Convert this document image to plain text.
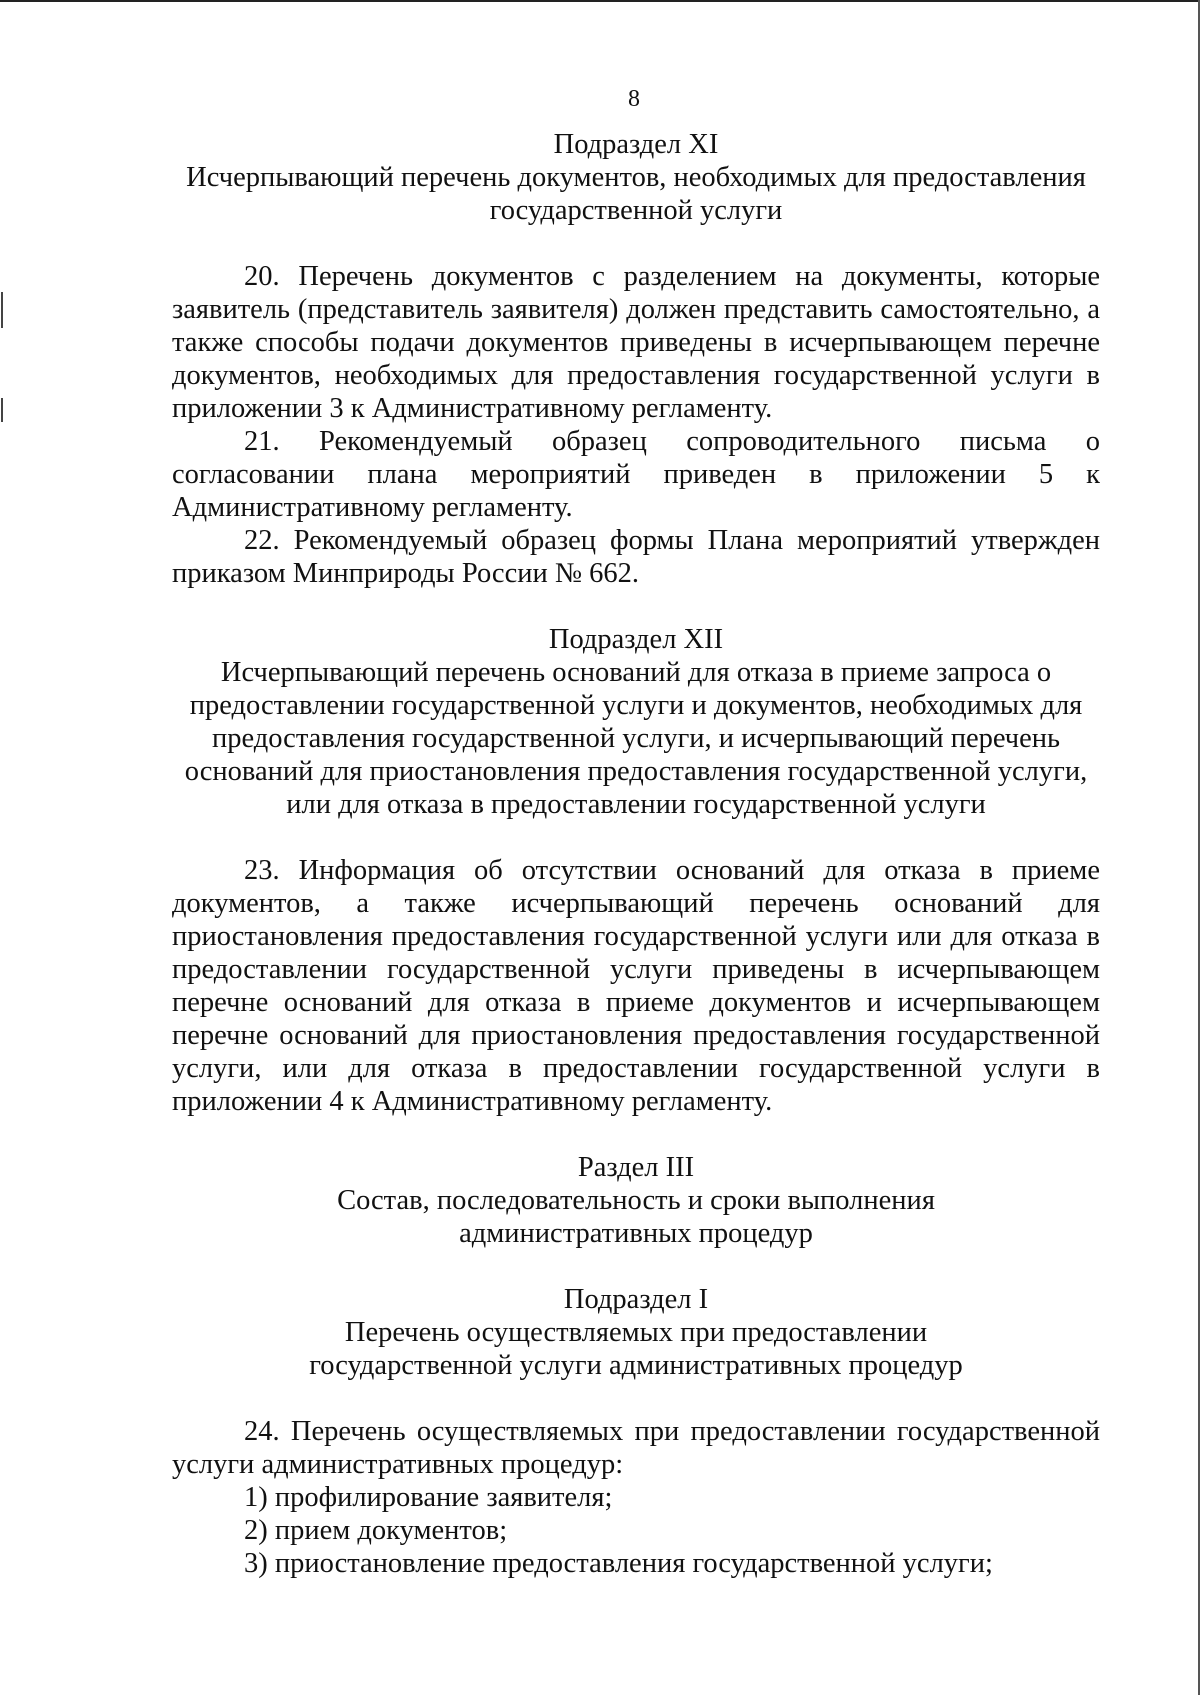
8
Подраздел XI
Исчерпывающий перечень документов, необходимых для предоставления
государственной услуги

20. Перечень документов с разделением на документы, которые заявитель (представитель заявителя) должен представить самостоятельно, а также способы подачи документов приведены в исчерпывающем перечне документов, необходимых для предоставления государственной услуги в приложении 3 к Административному регламенту.

21. Рекомендуемый образец сопроводительного письма о согласовании плана мероприятий приведен в приложении 5 к Административному регламенту.

22. Рекомендуемый образец формы Плана мероприятий утвержден приказом Минприроды России № 662.

Подраздел XII
Исчерпывающий перечень оснований для отказа в приеме запроса о
предоставлении государственной услуги и документов, необходимых для
предоставления государственной услуги, и исчерпывающий перечень
оснований для приостановления предоставления государственной услуги,
или для отказа в предоставлении государственной услуги

23. Информация об отсутствии оснований для отказа в приеме документов, а также исчерпывающий перечень оснований для приостановления предоставления государственной услуги или для отказа в предоставлении государственной услуги приведены в исчерпывающем перечне оснований для отказа в приеме документов и исчерпывающем перечне оснований для приостановления предоставления государственной услуги, или для отказа в предоставлении государственной услуги в приложении 4 к Административному регламенту.

Раздел III
Состав, последовательность и сроки выполнения
административных процедур
Подраздел I
Перечень осуществляемых при предоставлении
государственной услуги административных процедур

24. Перечень осуществляемых при предоставлении государственной услуги административных процедур:

1) профилирование заявителя;

2) прием документов;

3) приостановление предоставления государственной услуги;
